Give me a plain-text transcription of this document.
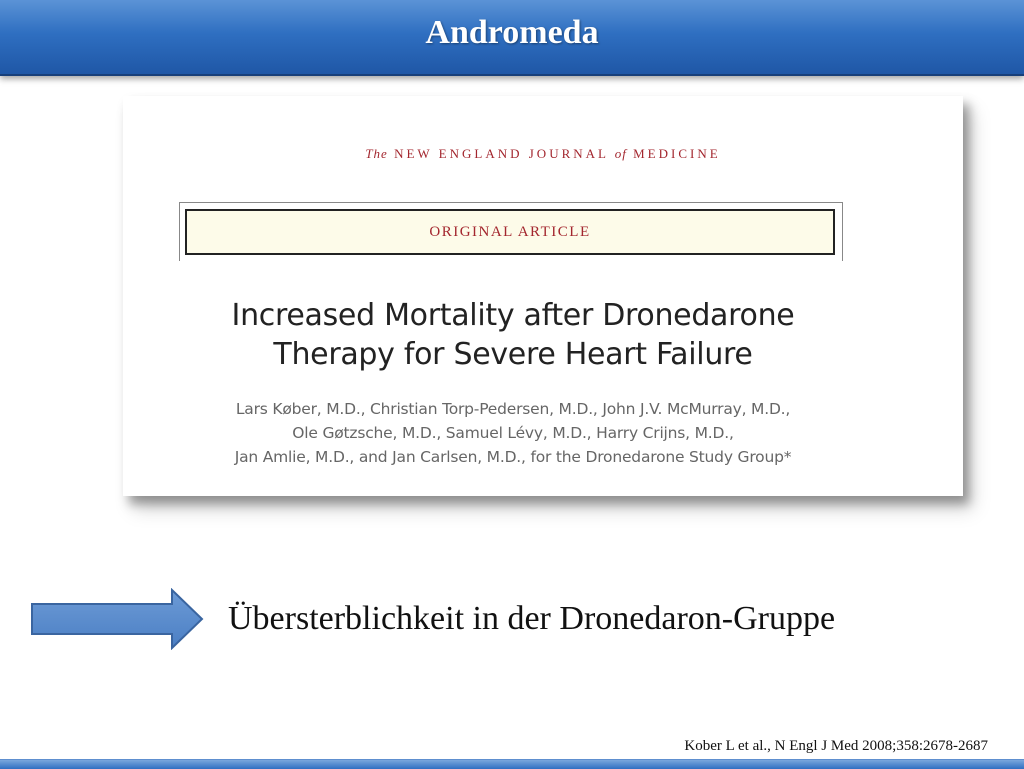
Andromeda
The NEW ENGLAND JOURNAL of MEDICINE
ORIGINAL ARTICLE
Increased Mortality after Dronedarone
Therapy for Severe Heart Failure
Lars Køber, M.D., Christian Torp-Pedersen, M.D., John J.V. McMurray, M.D.,
Ole Gøtzsche, M.D., Samuel Lévy, M.D., Harry Crijns, M.D.,
Jan Amlie, M.D., and Jan Carlsen, M.D., for the Dronedarone Study Group*
Übersterblichkeit in der Dronedaron-Gruppe
Kober L et al., N Engl J Med 2008;358:2678-2687
